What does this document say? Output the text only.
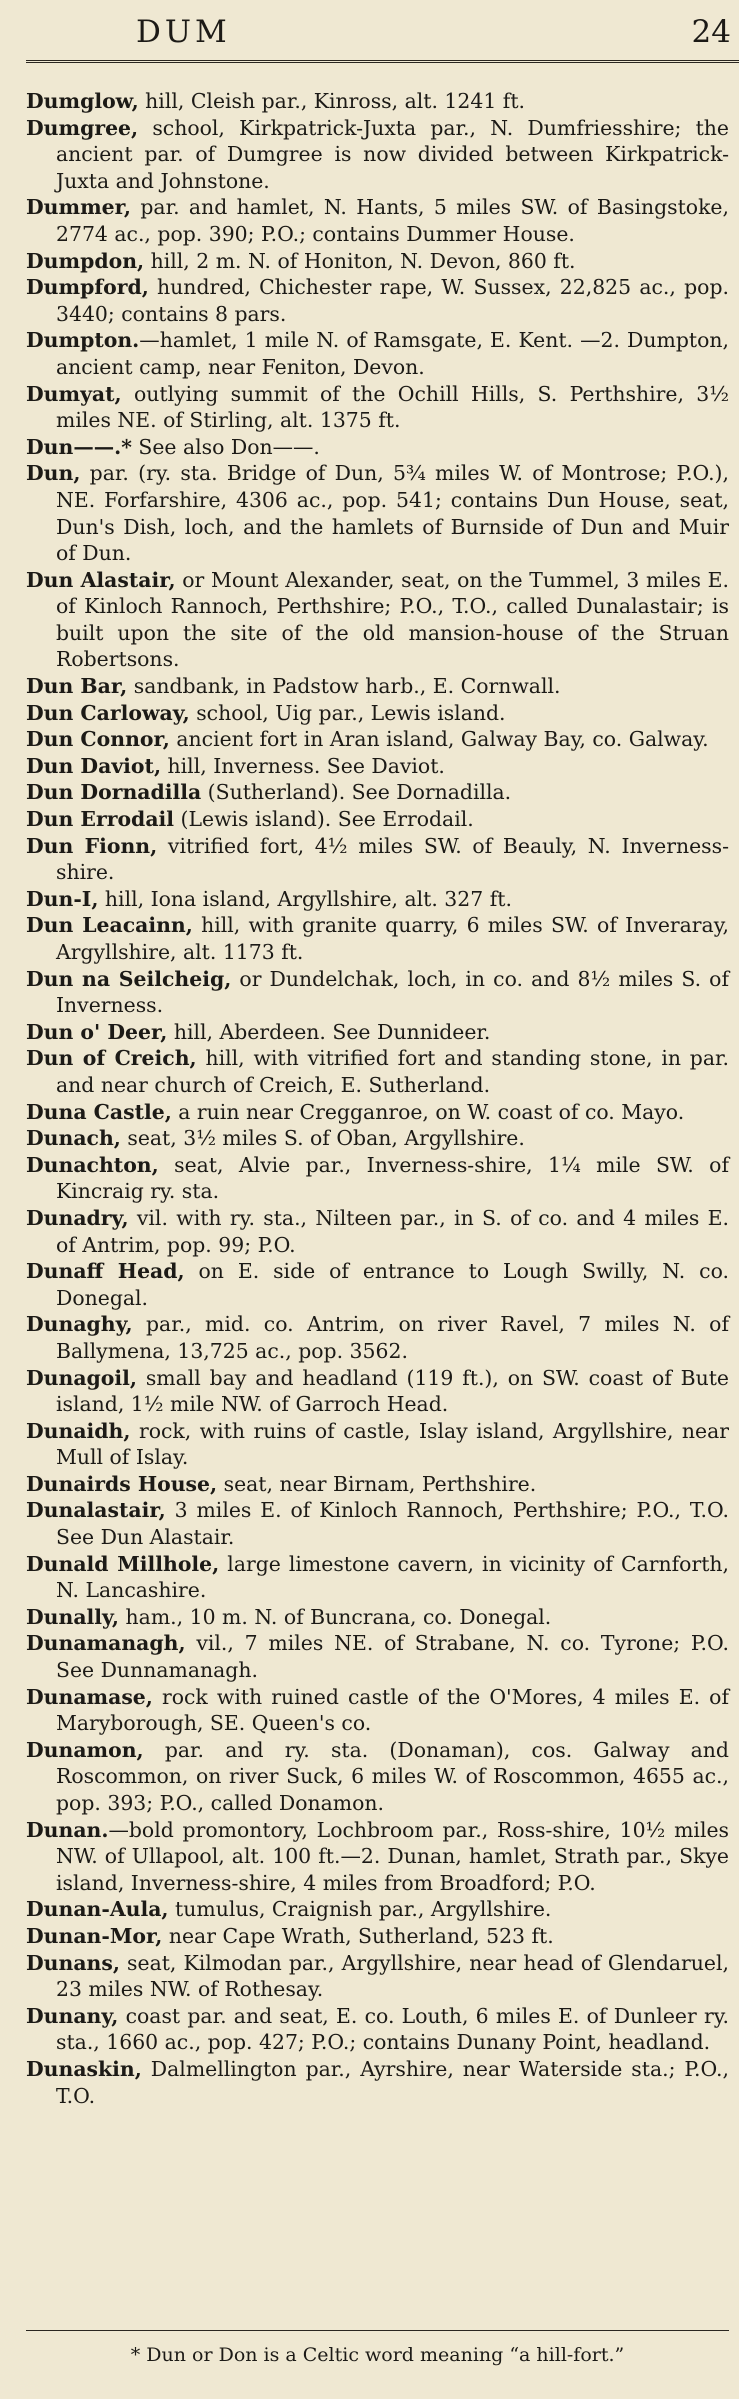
DUM	24

Dumglow, hill, Cleish par., Kinross, alt. 1241 ft.

Dumgree, school, Kirkpatrick-Juxta par., N. Dumfriesshire; the ancient par. of Dumgree is now divided between Kirkpatrick-Juxta and Johnstone.

Dummer, par. and hamlet, N. Hants, 5 miles SW. of Basingstoke, 2774 ac., pop. 390; P.O.; contains Dummer House.

Dumpdon, hill, 2 m. N. of Honiton, N. Devon, 860 ft.

Dumpford, hundred, Chichester rape, W. Sussex, 22,825 ac., pop. 3440; contains 8 pars.

Dumpton.—hamlet, 1 mile N. of Ramsgate, E. Kent. —2. Dumpton, ancient camp, near Feniton, Devon.

Dumyat, outlying summit of the Ochill Hills, S. Perthshire, 3½ miles NE. of Stirling, alt. 1375 ft.

Dun——.* See also Don——.

Dun, par. (ry. sta. Bridge of Dun, 5¾ miles W. of Montrose; P.O.), NE. Forfarshire, 4306 ac., pop. 541; contains Dun House, seat, Dun's Dish, loch, and the hamlets of Burnside of Dun and Muir of Dun.

Dun Alastair, or Mount Alexander, seat, on the Tummel, 3 miles E. of Kinloch Rannoch, Perthshire; P.O., T.O., called Dunalastair; is built upon the site of the old mansion-house of the Struan Robertsons.

Dun Bar, sandbank, in Padstow harb., E. Cornwall.

Dun Carloway, school, Uig par., Lewis island.

Dun Connor, ancient fort in Aran island, Galway Bay, co. Galway.

Dun Daviot, hill, Inverness. See Daviot.

Dun Dornadilla (Sutherland). See Dornadilla.

Dun Errodail (Lewis island). See Errodail.

Dun Fionn, vitrified fort, 4½ miles SW. of Beauly, N. Inverness-shire.

Dun-I, hill, Iona island, Argyllshire, alt. 327 ft.

Dun Leacainn, hill, with granite quarry, 6 miles SW. of Inveraray, Argyllshire, alt. 1173 ft.

Dun na Seilcheig, or Dundelchak, loch, in co. and 8½ miles S. of Inverness.

Dun o' Deer, hill, Aberdeen. See Dunnideer.

Dun of Creich, hill, with vitrified fort and standing stone, in par. and near church of Creich, E. Sutherland.

Duna Castle, a ruin near Cregganroe, on W. coast of co. Mayo.

Dunach, seat, 3½ miles S. of Oban, Argyllshire.

Dunachton, seat, Alvie par., Inverness-shire, 1¼ mile SW. of Kincraig ry. sta.

Dunadry, vil. with ry. sta., Nilteen par., in S. of co. and 4 miles E. of Antrim, pop. 99; P.O.

Dunaff Head, on E. side of entrance to Lough Swilly, N. co. Donegal.

Dunaghy, par., mid. co. Antrim, on river Ravel, 7 miles N. of Ballymena, 13,725 ac., pop. 3562.

Dunagoil, small bay and headland (119 ft.), on SW. coast of Bute island, 1½ mile NW. of Garroch Head.

Dunaidh, rock, with ruins of castle, Islay island, Argyllshire, near Mull of Islay.

Dunairds House, seat, near Birnam, Perthshire.

Dunalastair, 3 miles E. of Kinloch Rannoch, Perthshire; P.O., T.O. See Dun Alastair.

Dunald Millhole, large limestone cavern, in vicinity of Carnforth, N. Lancashire.

Dunally, ham., 10 m. N. of Buncrana, co. Donegal.

Dunamanagh, vil., 7 miles NE. of Strabane, N. co. Tyrone; P.O. See Dunnamanagh.

Dunamase, rock with ruined castle of the O'Mores, 4 miles E. of Maryborough, SE. Queen's co.

Dunamon, par. and ry. sta. (Donaman), cos. Galway and Roscommon, on river Suck, 6 miles W. of Roscommon, 4655 ac., pop. 393; P.O., called Donamon.

Dunan.—bold promontory, Lochbroom par., Ross-shire, 10½ miles NW. of Ullapool, alt. 100 ft.—2. Dunan, hamlet, Strath par., Skye island, Inverness-shire, 4 miles from Broadford; P.O.

Dunan-Aula, tumulus, Craignish par., Argyllshire.

Dunan-Mor, near Cape Wrath, Sutherland, 523 ft.

Dunans, seat, Kilmodan par., Argyllshire, near head of Glendaruel, 23 miles NW. of Rothesay.

Dunany, coast par. and seat, E. co. Louth, 6 miles E. of Dunleer ry. sta., 1660 ac., pop. 427; P.O.; contains Dunany Point, headland.

Dunaskin, Dalmellington par., Ayrshire, near Waterside sta.; P.O., T.O.

* Dun or Don is a Celtic word meaning “a hill-fort.”
